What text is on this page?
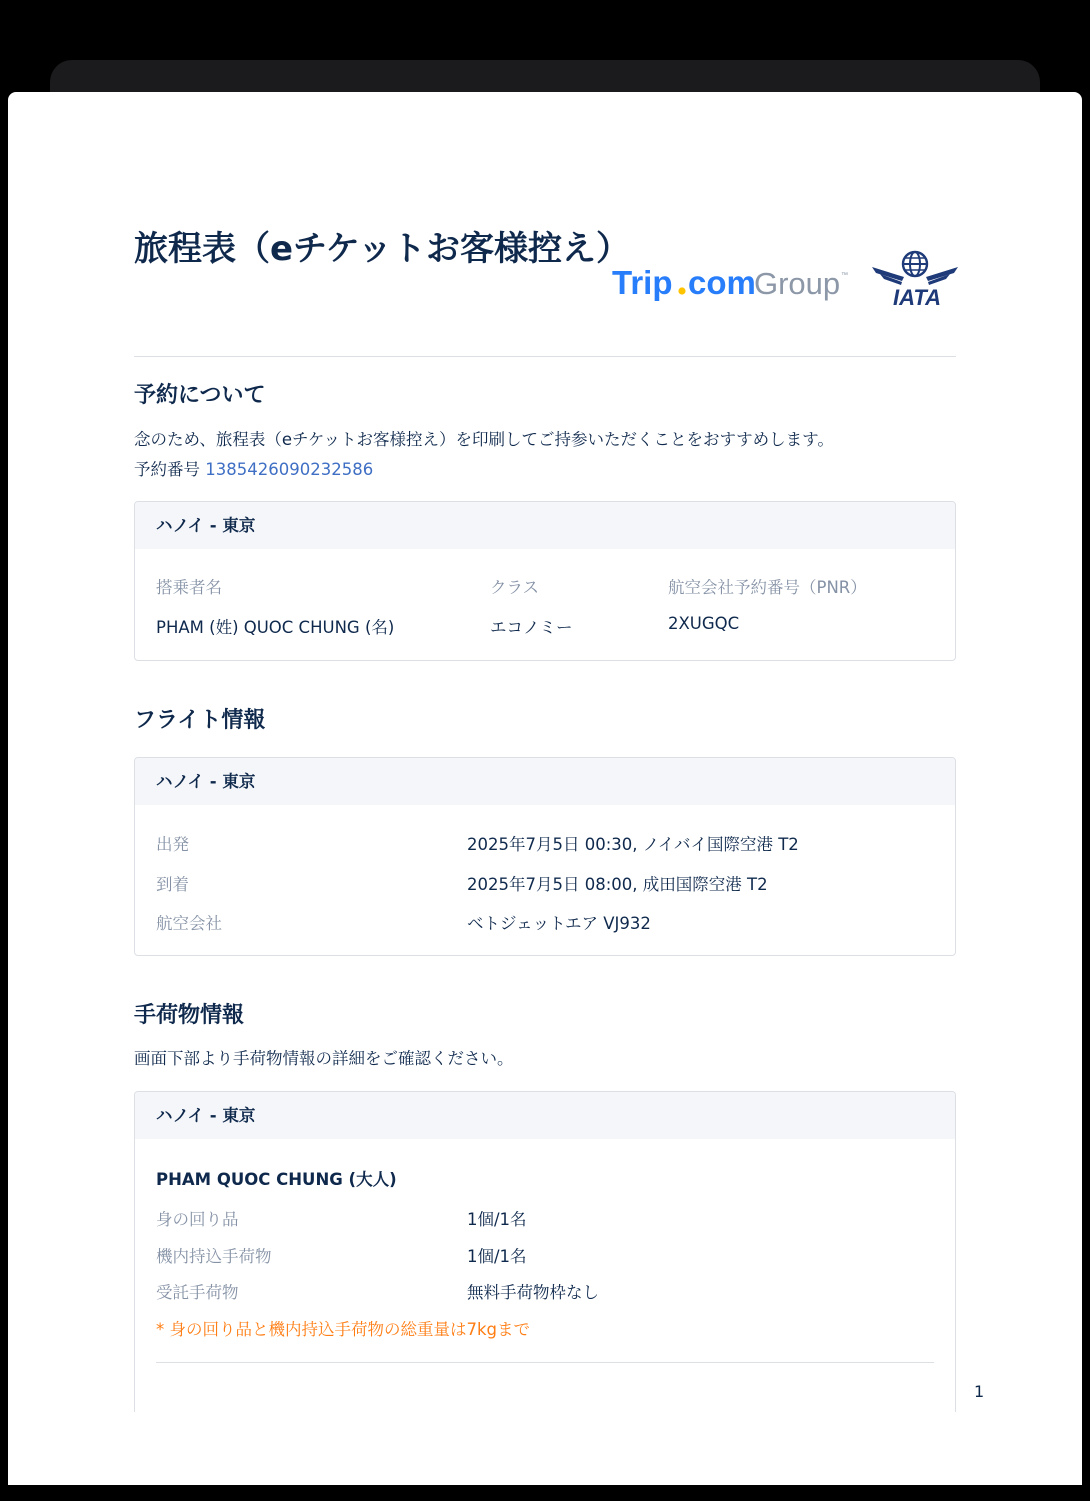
旅程表（eチケットお客様控え）
Trip com
Group ™
IATA
予約について

念のため、旅程表（eチケットお客様控え）を印刷してご持参いただくことをおすすめします。

予約番号 1385426090232586

ハノイ - 東京
搭乗者名	クラス	航空会社予約番号（PNR）
PHAM (姓) QUOC CHUNG (名)	エコノミー	2XUGQC
フライト情報
ハノイ - 東京
出発	2025年7月5日 00:30, ノイバイ国際空港 T2
到着	2025年7月5日 08:00, 成田国際空港 T2
航空会社	ベトジェットエア VJ932
手荷物情報

画面下部より手荷物情報の詳細をご確認ください。

ハノイ - 東京
PHAM QUOC CHUNG (大人)
身の回り品	1個/1名
機内持込手荷物	1個/1名
受託手荷物	無料手荷物枠なし
* 身の回り品と機内持込手荷物の総重量は7kgまで
1
